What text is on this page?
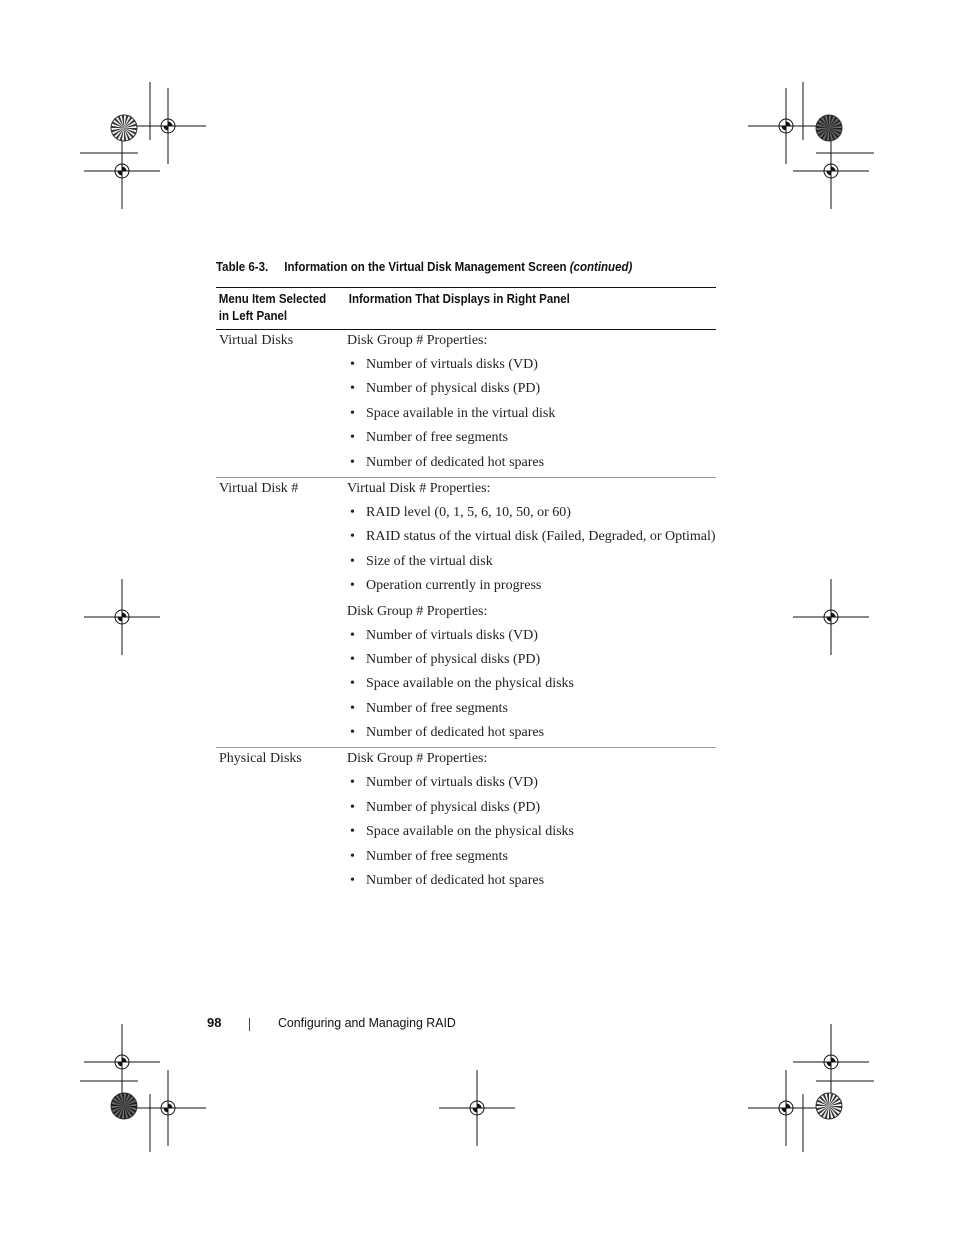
Table 6-3. Information on the Virtual Disk Management Screen (continued)
Menu Item Selected in Left Panel
Information That Displays in Right Panel
Virtual Disks	Disk Group # Properties:
• Number of virtuals disks (VD)
• Number of physical disks (PD)
• Space available in the virtual disk
• Number of free segments
• Number of dedicated hot spares
Virtual Disk #	Virtual Disk # Properties:
• RAID level (0, 1, 5, 6, 10, 50, or 60)
• RAID status of the virtual disk (Failed, Degraded, or Optimal)
• Size of the virtual disk
• Operation currently in progress
Disk Group # Properties:
• Number of virtuals disks (VD)
• Number of physical disks (PD)
• Space available on the physical disks
• Number of free segments
• Number of dedicated hot spares
Physical Disks	Disk Group # Properties:
• Number of virtuals disks (VD)
• Number of physical disks (PD)
• Space available on the physical disks
• Number of free segments
• Number of dedicated hot spares
98	Configuring and Managing RAID
